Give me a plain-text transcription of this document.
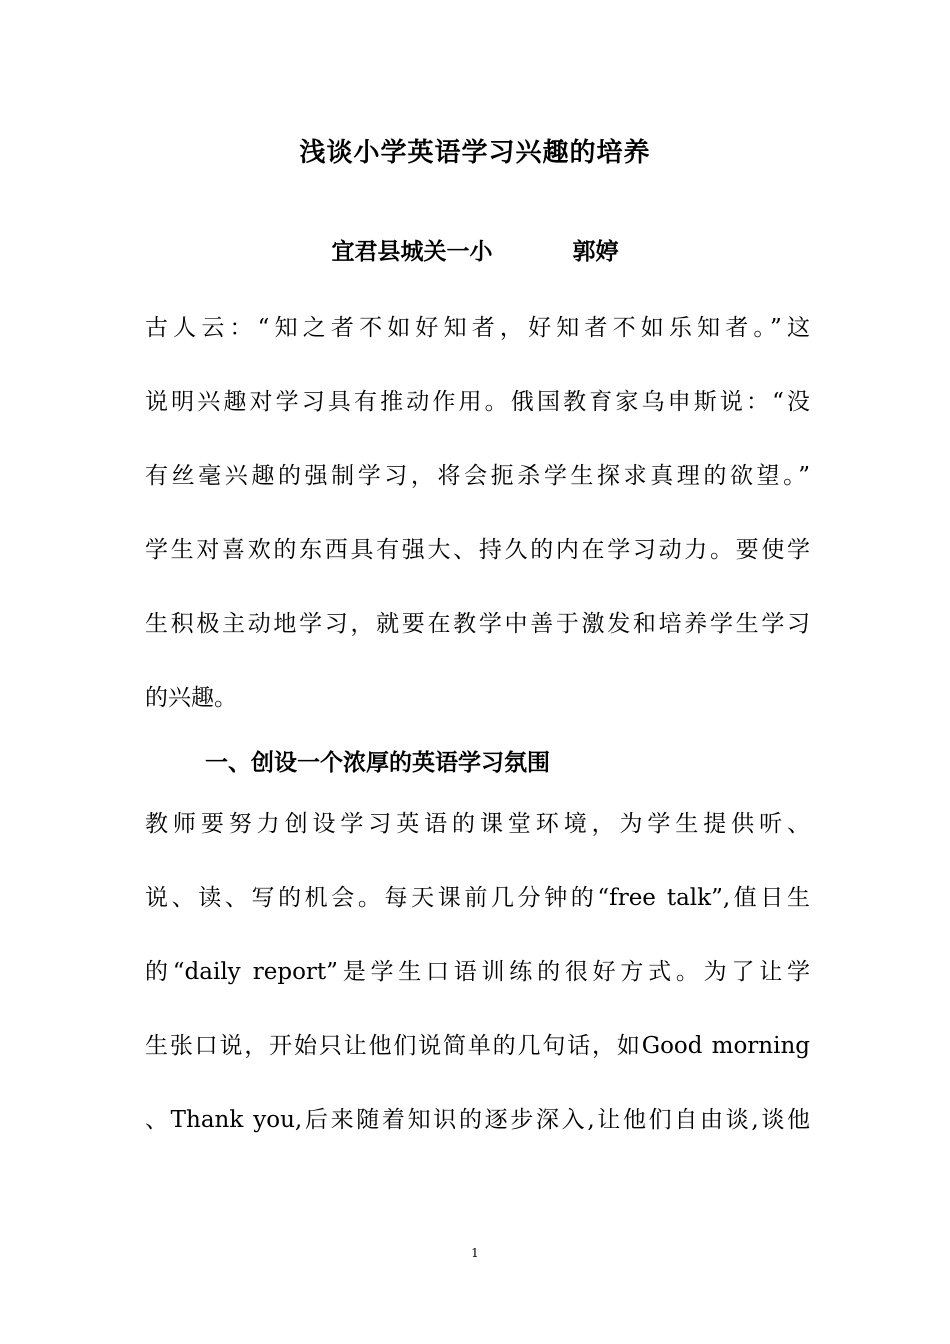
浅谈小学英语学习兴趣的培养
宜君县城关一小          郭婷
古人云：“知之者不如好知者，好知者不如乐知者。”这
说明兴趣对学习具有推动作用。俄国教育家乌申斯说：“没
有丝毫兴趣的强制学习，将会扼杀学生探求真理的欲望。”
学生对喜欢的东西具有强大、持久的内在学习动力。要使学
生积极主动地学习，就要在教学中善于激发和培养学生学习
的兴趣。
一、创设一个浓厚的英语学习氛围
教师要努力创设学习英语的课堂环境，为学生提供听、
说、读、写的机会。每天课前几分钟的“free talk”,值日生
的“daily report”是学生口语训练的很好方式。为了让学
生张口说，开始只让他们说简单的几句话，如Good morning
、Thank you,后来随着知识的逐步深入,让他们自由谈,谈他
1
